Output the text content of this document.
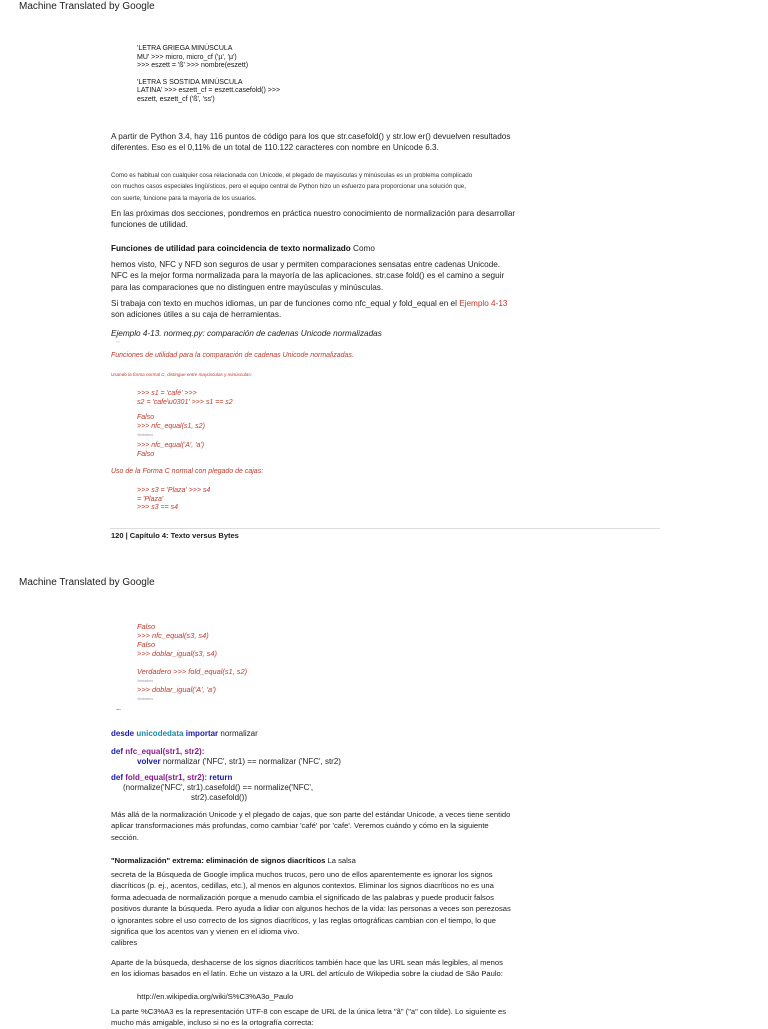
Machine Translated by Google
'LETRA GRIEGA MINÚSCULA
MU' >>> micro, micro_cf ('µ', 'μ')
>>> eszett = 'ß' >>> nombre(eszett)
'LETRA S SOSTIDA MINÚSCULA
LATINA' >>> eszett_cf = eszett.casefold() >>>
eszett, eszett_cf ('ß', 'ss')
A partir de Python 3.4, hay 116 puntos de código para los que str.casefold() y str.low er() devuelven resultados
diferentes. Eso es el 0,11% de un total de 110.122 caracteres con nombre en Unicode 6.3.
Como es habitual con cualquier cosa relacionada con Unicode, el plegado de mayúsculas y minúsculas es un problema complicado
con muchos casos especiales lingüísticos, pero el equipo central de Python hizo un esfuerzo para proporcionar una solución que,
con suerte, funcione para la mayoría de los usuarios.
En las próximas dos secciones, pondremos en práctica nuestro conocimiento de normalización para desarrollar
funciones de utilidad.
Funciones de utilidad para coincidencia de texto normalizado Como
hemos visto, NFC y NFD son seguros de usar y permiten comparaciones sensatas entre cadenas Unicode.
NFC es la mejor forma normalizada para la mayoría de las aplicaciones. str.case fold() es el camino a seguir
para las comparaciones que no distinguen entre mayúsculas y minúsculas.
Si trabaja con texto en muchos idiomas, un par de funciones como nfc_equal y fold_equal en el Ejemplo 4-13
son adiciones útiles a su caja de herramientas.
Ejemplo 4-13. normeq.py: comparación de cadenas Unicode normalizadas
"""
Funciones de utilidad para la comparación de cadenas Unicode normalizadas.
Usando la forma normal C, distingue entre mayúsculas y minúsculas:
>>> s1 = 'café' >>>
s2 = 'cafe\u0301' >>> s1 == s2
Falso
>>> nfc_equal(s1, s2)
Verdadero
>>> nfc_equal('A', 'a')
Falso
Uso de la Forma C normal con plegado de cajas:
>>> s3 = 'Plaza' >>> s4
= 'Plaza'
>>> s3 == s4
120 | Capítulo 4: Texto versus Bytes
Machine Translated by Google
Falso
>>> nfc_equal(s3, s4)
Falso
>>> doblar_igual(s3, s4)
Verdadero >>> fold_equal(s1, s2)
Verdadero
>>> doblar_igual('A', 'a')
Verdadero
"""
desde unicodedata importar normalizar
def nfc_equal(str1, str2):
volver normalizar ('NFC', str1) == normalizar ('NFC', str2)
def fold_equal(str1, str2): return
(normalize('NFC', str1).casefold() == normalize('NFC',
str2).casefold())
Más allá de la normalización Unicode y el plegado de cajas, que son parte del estándar Unicode, a veces tiene sentido
aplicar transformaciones más profundas, como cambiar 'café' por 'cafe'. Veremos cuándo y cómo en la siguiente
sección.
"Normalización" extrema: eliminación de signos diacríticos La salsa
secreta de la Búsqueda de Google implica muchos trucos, pero uno de ellos aparentemente es ignorar los signos
diacríticos (p. ej., acentos, cedillas, etc.), al menos en algunos contextos. Eliminar los signos diacríticos no es una
forma adecuada de normalización porque a menudo cambia el significado de las palabras y puede producir falsos
positivos durante la búsqueda. Pero ayuda a lidiar con algunos hechos de la vida: las personas a veces son perezosas
o ignorantes sobre el uso correcto de los signos diacríticos, y las reglas ortográficas cambian con el tiempo, lo que
significa que los acentos van y vienen en el idioma vivo.
calibres
Aparte de la búsqueda, deshacerse de los signos diacríticos también hace que las URL sean más legibles, al menos
en los idiomas basados en el latín. Eche un vistazo a la URL del artículo de Wikipedia sobre la ciudad de São Paulo:
http://en.wikipedia.org/wiki/S%C3%A3o_Paulo
La parte %C3%A3 es la representación UTF-8 con escape de URL de la única letra "ã" ("a" con tilde). Lo siguiente es
mucho más amigable, incluso si no es la ortografía correcta:
